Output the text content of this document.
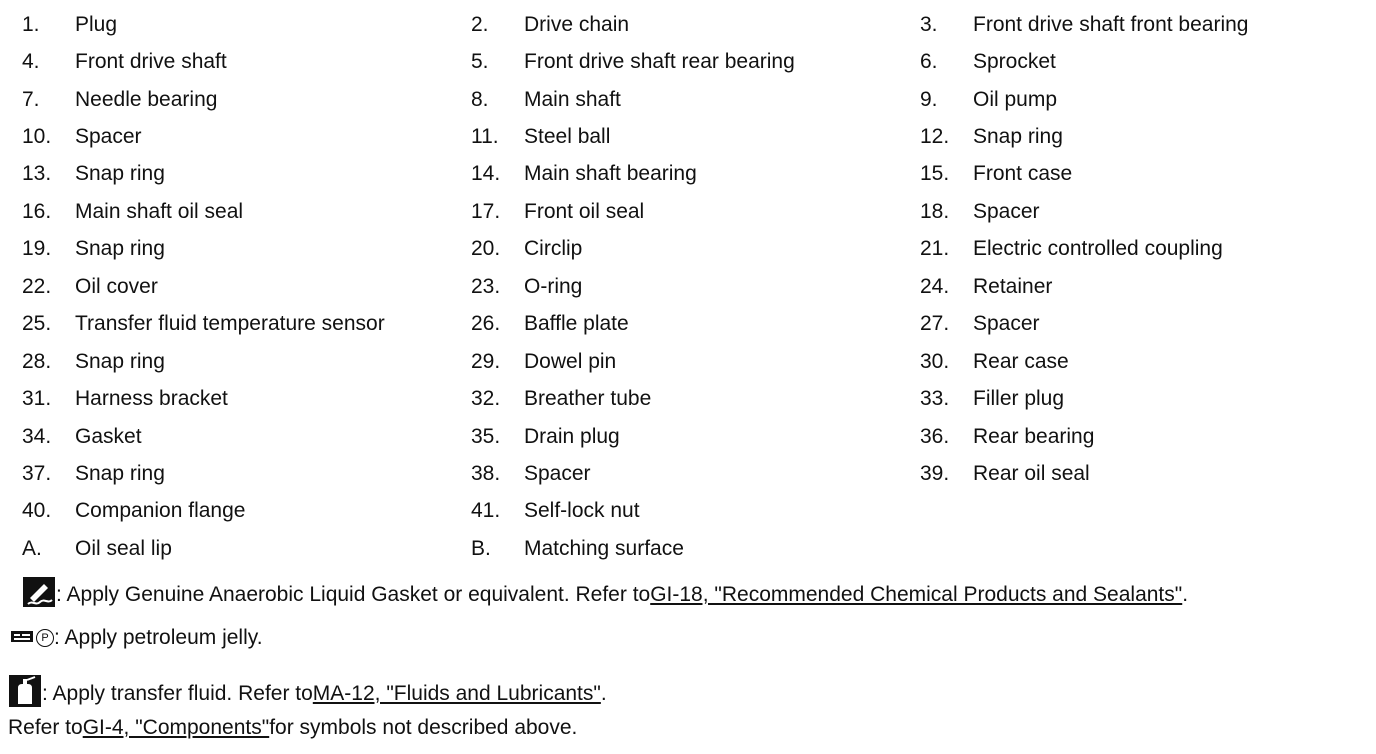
1.	Plug	2.	Drive chain	3.	Front drive shaft front bearing
4.	Front drive shaft	5.	Front drive shaft rear bearing	6.	Sprocket
7.	Needle bearing	8.	Main shaft	9.	Oil pump
10.	Spacer	11.	Steel ball	12.	Snap ring
13.	Snap ring	14.	Main shaft bearing	15.	Front case
16.	Main shaft oil seal	17.	Front oil seal	18.	Spacer
19.	Snap ring	20.	Circlip	21.	Electric controlled coupling
22.	Oil cover	23.	O-ring	24.	Retainer
25.	Transfer fluid temperature sensor	26.	Baffle plate	27.	Spacer
28.	Snap ring	29.	Dowel pin	30.	Rear case
31.	Harness bracket	32.	Breather tube	33.	Filler plug
34.	Gasket	35.	Drain plug	36.	Rear bearing
37.	Snap ring	38.	Spacer	39.	Rear oil seal
40.	Companion flange	41.	Self-lock nut
A.	Oil seal lip	B.	Matching surface
: Apply Genuine Anaerobic Liquid Gasket or equivalent. Refer to GI-18, "Recommended Chemical Products and Sealants" .
P : Apply petroleum jelly.
: Apply transfer fluid. Refer to MA-12, "Fluids and Lubricants" .
Refer to GI-4, "Components" for symbols not described above.
